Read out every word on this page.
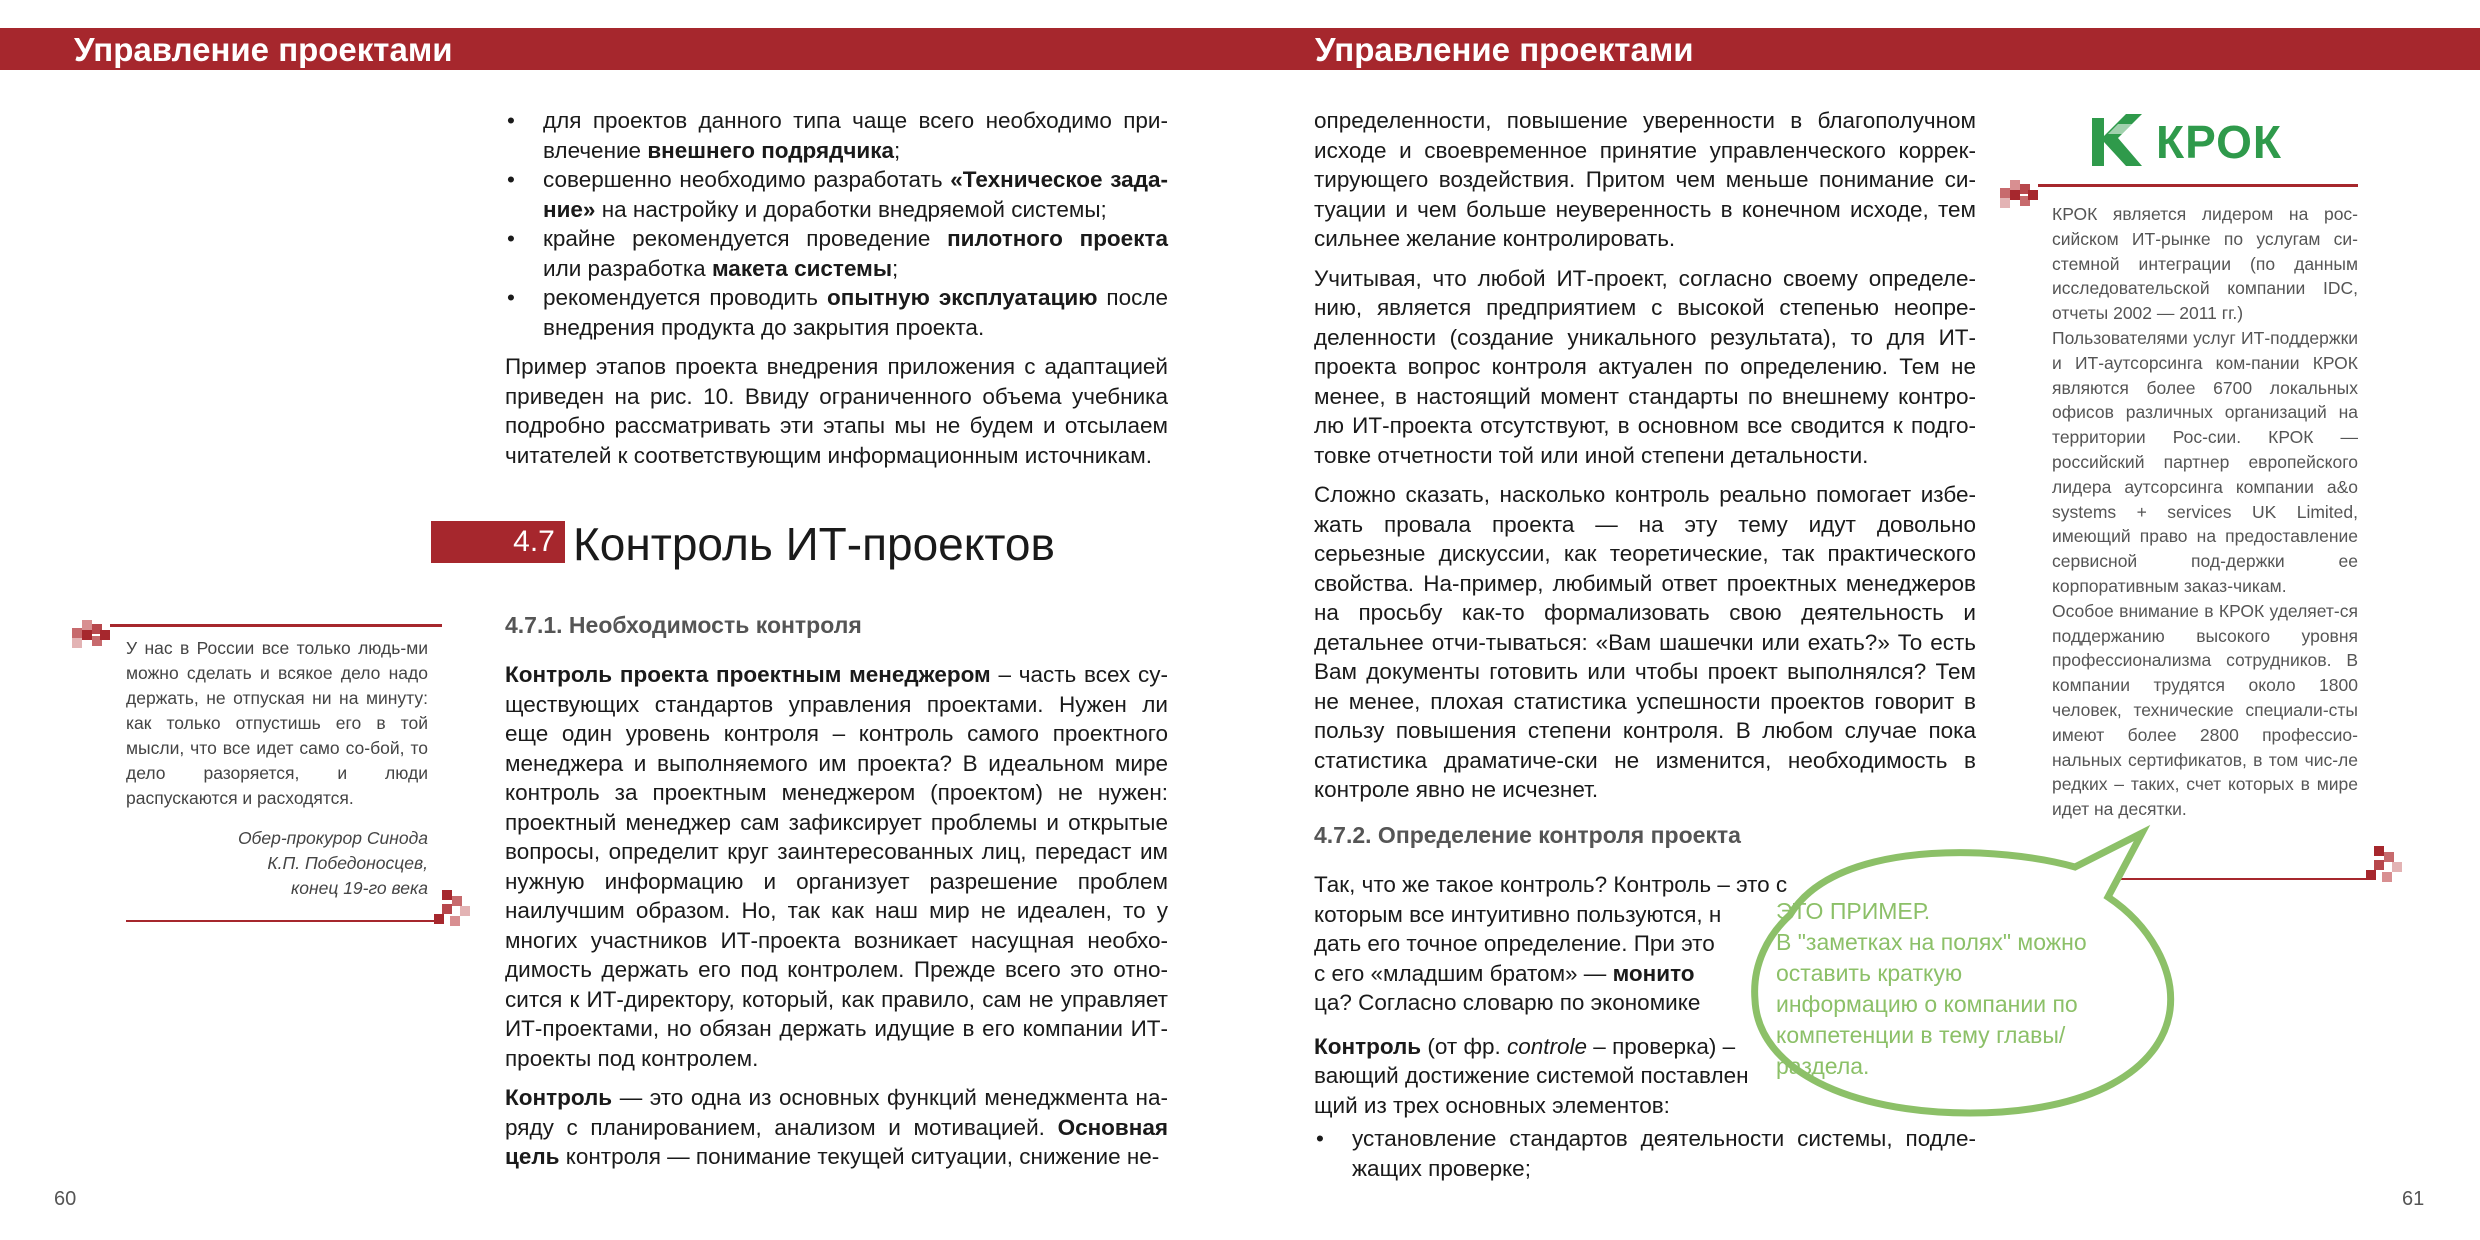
Управление проектами	Управление проектами
• для проектов данного типа чаще всего необходимо при-влечение внешнего подрядчика;
• совершенно необходимо разработать «Техническое зада-ние» на настройку и доработки внедряемой системы;
• крайне рекомендуется проведение пилотного проекта или разработка макета системы;
• рекомендуется проводить опытную эксплуатацию после внедрения продукта до закрытия проекта.

Пример этапов проекта внедрения приложения с адаптацией приведен на рис. 10. Ввиду ограниченного объема учебника подробно рассматривать эти этапы мы не будем и отсылаем читателей к соответствующим информационным источникам.

4.7 Контроль ИТ-проектов
4.7.1. Необходимость контроля

Контроль проекта проектным менеджером – часть всех су-ществующих стандартов управления проектами. Нужен ли еще один уровень контроля – контроль самого проектного менеджера и выполняемого им проекта? В идеальном мире контроль за проектным менеджером (проектом) не нужен: проектный менеджер сам зафиксирует проблемы и открытые вопросы, определит круг заинтересованных лиц, передаст им нужную информацию и организует разрешение проблем наилучшим образом. Но, так как наш мир не идеален, то у многих участников ИТ-проекта возникает насущная необхо-димость держать его под контролем. Прежде всего это отно-сится к ИТ-директору, который, как правило, сам не управляет ИТ-проектами, но обязан держать идущие в его компании ИТ-проекты под контролем.

Контроль — это одна из основных функций менеджмента на-ряду с планированием, анализом и мотивацией. Основная цель контроля — понимание текущей ситуации, снижение не-

У нас в России все только людь-ми можно сделать и всякое дело надо держать, не отпуская ни на минуту: как только отпустишь его в той мысли, что все идет само со-бой, то дело разоряется, и люди распускаются и расходятся.
Обер-прокурор Синода
К.П. Победоносцев,
конец 19-го века
60

определенности, повышение уверенности в благополучном исходе и своевременное принятие управленческого коррек-тирующего воздействия. Притом чем меньше понимание си-туации и чем больше неуверенность в конечном исходе, тем сильнее желание контролировать.

Учитывая, что любой ИТ-проект, согласно своему определе-нию, является предприятием с высокой степенью неопре-деленности (создание уникального результата), то для ИТ-проекта вопрос контроля актуален по определению. Тем не менее, в настоящий момент стандарты по внешнему контро-лю ИТ-проекта отсутствуют, в основном все сводится к подго-товке отчетности той или иной степени детальности.

Сложно сказать, насколько контроль реально помогает избе-жать провала проекта — на эту тему идут довольно серьезные дискуссии, как теоретические, так практического свойства. На-пример, любимый ответ проектных менеджеров на просьбу как-то формализовать свою деятельность и детальнее отчи-тываться: «Вам шашечки или ехать?» То есть Вам документы готовить или чтобы проект выполнялся? Тем не менее, плохая статистика успешности проектов говорит в пользу повышения степени контроля. В любом случае пока статистика драматиче-ски не изменится, необходимость в контроле явно не исчезнет.

4.7.2. Определение контроля проекта
Так, что же такое контроль? Контроль – это с
которым все интуитивно пользуются, н
дать его точное определение. При это
с его «младшим братом» — монито
ца? Согласно словарю по экономике
Контроль (от фр. controle – проверка) –
вающий достижение системой поставлен
щий из трех основных элементов:
• установление стандартов деятельности системы, подле-жащих проверке;
КРОК
КРОК является лидером на рос-сийском ИТ-рынке по услугам си-стемной интеграции (по данным исследовательской компании IDC, отчеты 2002 — 2011 гг.)
Пользователями услуг ИТ-поддержки и ИТ-аутсорсинга ком-пании КРОК являются более 6700 локальных офисов различных организаций на территории Рос-сии. КРОК — российский партнер европейского лидера аутсорсинга компании a&o systems + services UK Limited, имеющий право на предоставление сервисной под-держки ее корпоративным заказ-чикам.
Особое внимание в КРОК уделяет-ся поддержанию высокого уровня профессионализма сотрудников. В компании трудятся около 1800 человек, технические специали-сты имеют более 2800 профессио-нальных сертификатов, в том чис-ле редких – таких, счет которых в мире идет на десятки.
ЭТО ПРИМЕР.
В "заметках на полях" можно оставить краткую информацию о компании по компетенции в тему главы/раздела.
61
